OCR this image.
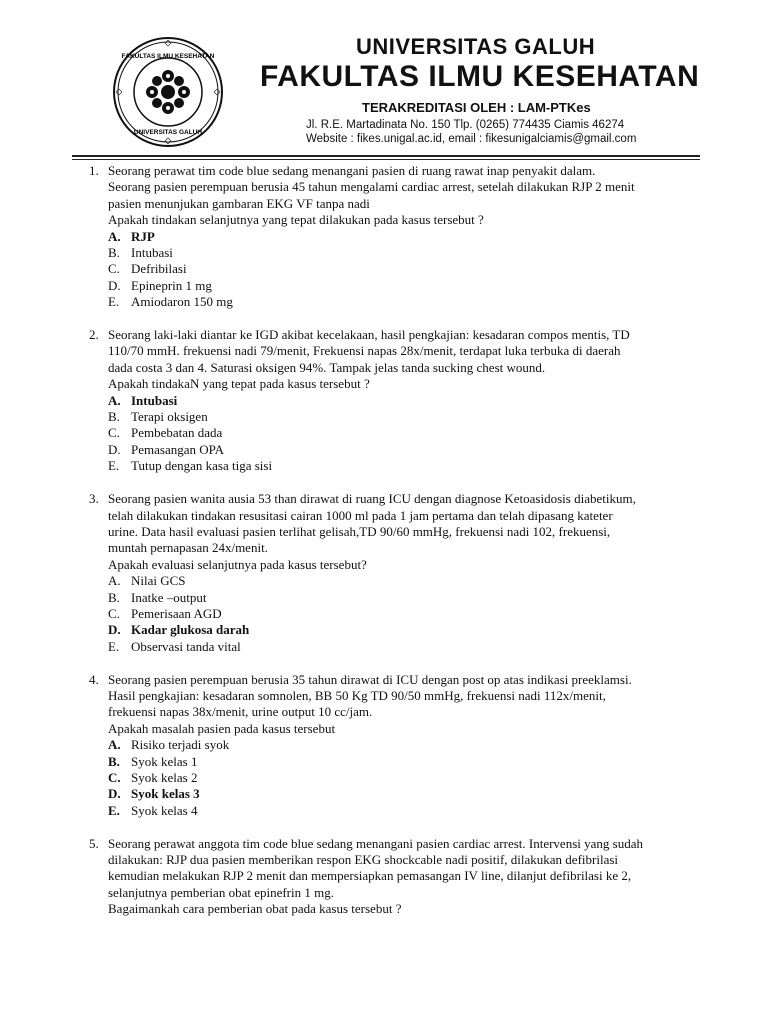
FAKULTAS ILMU KESEHATAN
UNIVERSITAS GALUH
UNIVERSITAS GALUH
FAKULTAS ILMU KESEHATAN
TERAKREDITASI OLEH : LAM-PTKes
Jl. R.E. Martadinata No. 150 Tlp. (0265) 774435 Ciamis 46274
Website : fikes.unigal.ac.id, email : fikesunigalciamis@gmail.com
1. Seorang perawat tim code blue sedang menangani pasien di ruang rawat inap penyakit dalam.

Seorang pasien perempuan berusia 45 tahun mengalami cardiac arrest, setelah dilakukan RJP 2 menit

pasien menunjukan gambaran EKG VF tanpa nadi

Apakah tindakan selanjutnya yang tepat dilakukan pada kasus tersebut ?

A. RJP
B. Intubasi
C. Defribilasi
D. Epineprin 1 mg
E. Amiodaron 150 mg
2. Seorang laki-laki diantar ke IGD akibat kecelakaan, hasil pengkajian: kesadaran compos mentis, TD

110/70 mmH. frekuensi nadi 79/menit, Frekuensi napas 28x/menit, terdapat luka terbuka di daerah

dada costa 3 dan 4. Saturasi oksigen 94%. Tampak jelas tanda sucking chest wound.

Apakah tindakaN yang tepat pada kasus tersebut ?

A. Intubasi
B. Terapi oksigen
C. Pembebatan dada
D. Pemasangan OPA
E. Tutup dengan kasa tiga sisi
3. Seorang pasien wanita ausia 53 than dirawat di ruang ICU dengan diagnose Ketoasidosis diabetikum,

telah dilakukan tindakan resusitasi cairan 1000 ml pada 1 jam pertama dan telah dipasang kateter

urine. Data hasil evaluasi pasien terlihat gelisah,TD 90/60 mmHg, frekuensi nadi 102, frekuensi,

muntah pernapasan 24x/menit.

Apakah evaluasi selanjutnya pada kasus tersebut?

A. Nilai GCS
B. Inatke –output
C. Pemerisaan AGD
D. Kadar glukosa darah
E. Observasi tanda vital
4. Seorang pasien perempuan berusia 35 tahun dirawat di ICU dengan post op atas indikasi preeklamsi.

Hasil pengkajian: kesadaran somnolen, BB 50 Kg TD 90/50 mmHg, frekuensi nadi 112x/menit,

frekuensi napas 38x/menit, urine output 10 cc/jam.

Apakah masalah pasien pada kasus tersebut

A. Risiko terjadi syok
B. Syok kelas 1
C. Syok kelas 2
D. Syok kelas 3
E. Syok kelas 4
5. Seorang perawat anggota tim code blue sedang menangani pasien cardiac arrest. Intervensi yang sudah

dilakukan: RJP dua pasien memberikan respon EKG shockcable nadi positif, dilakukan defibrilasi

kemudian melakukan RJP 2 menit dan mempersiapkan pemasangan IV line, dilanjut defibrilasi ke 2,

selanjutnya pemberian obat epinefrin 1 mg.

Bagaimankah cara pemberian obat pada kasus tersebut ?
